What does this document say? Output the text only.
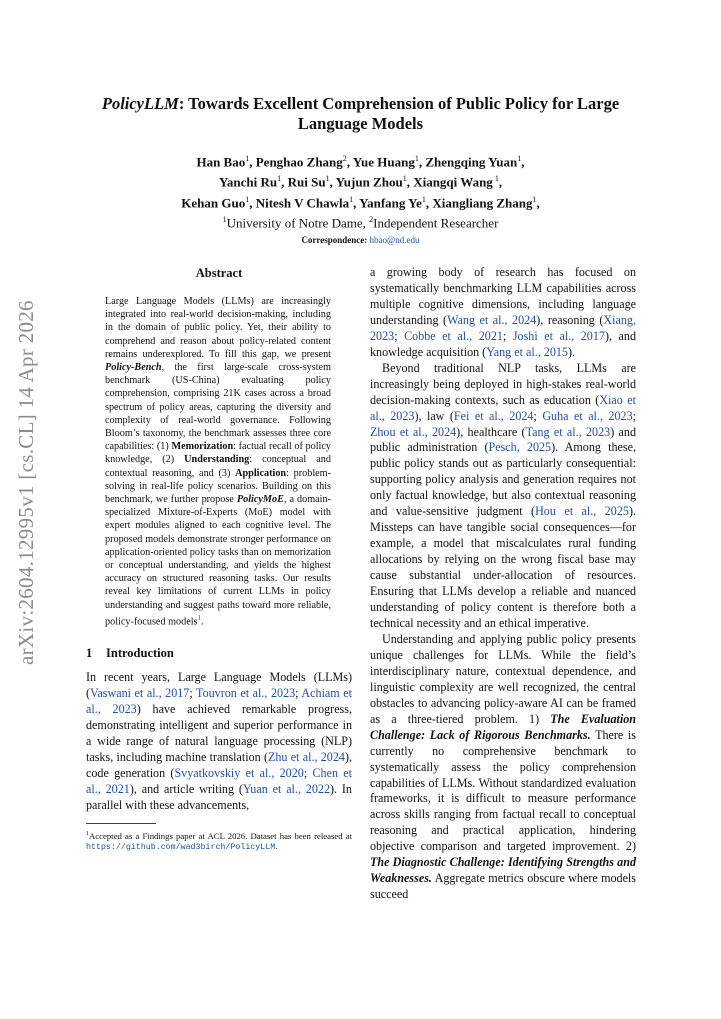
arXiv:2604.12995v1 [cs.CL] 14 Apr 2026
PolicyLLM: Towards Excellent Comprehension of Public Policy for Large
Language Models
Han Bao$^1$, Penghao Zhang$^2$, Yue Huang$^1$, Zhengqing Yuan$^1$,
Yanchi Ru$^1$, Rui Su$^1$, Yujun Zhou$^1$, Xiangqi Wang $^1$,
Kehan Guo$^1$, Nitesh V Chawla$^1$, Yanfang Ye$^1$, Xiangliang Zhang$^1$,
$^1$University of Notre Dame, $^2$Independent Researcher
Correspondence: hbao@nd.edu
Abstract
Large Language Models (LLMs) are increasingly integrated into real-world decision-making, including in the domain of public policy. Yet, their ability to comprehend and reason about policy-related content remains underexplored. To fill this gap, we present Policy-Bench, the first large-scale cross-system benchmark (US-China) evaluating policy comprehension, comprising 21K cases across a broad spectrum of policy areas, capturing the diversity and complexity of real-world governance. Following Bloom’s taxonomy, the benchmark assesses three core capabilities: (1) Memorization: factual recall of policy knowledge, (2) Understanding: conceptual and contextual reasoning, and (3) Application: problem-solving in real-life policy scenarios. Building on this benchmark, we further propose PolicyMoE, a domain-specialized Mixture-of-Experts (MoE) model with expert modules aligned to each cognitive level. The proposed models demonstrate stronger performance on application-oriented policy tasks than on memorization or conceptual understanding, and yields the highest accuracy on structured reasoning tasks. Our results reveal key limitations of current LLMs in policy understanding and suggest paths toward more reliable, policy-focused models$^1$.
1 Introduction

In recent years, Large Language Models (LLMs) (Vaswani et al., 2017; Touvron et al., 2023; Achiam et al., 2023) have achieved remarkable progress, demonstrating intelligent and superior performance in a wide range of natural language processing (NLP) tasks, including machine translation (Zhu et al., 2024), code generation (Svyatkovskiy et al., 2020; Chen et al., 2021), and article writing (Yuan et al., 2022). In parallel with these advancements,

$^1$Accepted as a Findings paper at ACL 2026. Dataset has been released at https://github.com/wad3birch/PolicyLLM.

a growing body of research has focused on systematically benchmarking LLM capabilities across multiple cognitive dimensions, including language understanding (Wang et al., 2024), reasoning (Xiang, 2023; Cobbe et al., 2021; Joshi et al., 2017), and knowledge acquisition (Yang et al., 2015).

Beyond traditional NLP tasks, LLMs are increasingly being deployed in high-stakes real-world decision-making contexts, such as education (Xiao et al., 2023), law (Fei et al., 2024; Guha et al., 2023; Zhou et al., 2024), healthcare (Tang et al., 2023) and public administration (Pesch, 2025). Among these, public policy stands out as particularly consequential: supporting policy analysis and generation requires not only factual knowledge, but also contextual reasoning and value-sensitive judgment (Hou et al., 2025). Missteps can have tangible social consequences—for example, a model that miscalculates rural funding allocations by relying on the wrong fiscal base may cause substantial under-allocation of resources. Ensuring that LLMs develop a reliable and nuanced understanding of policy content is therefore both a technical necessity and an ethical imperative.

Understanding and applying public policy presents unique challenges for LLMs. While the field’s interdisciplinary nature, contextual dependence, and linguistic complexity are well recognized, the central obstacles to advancing policy-aware AI can be framed as a three-tiered problem. 1) The Evaluation Challenge: Lack of Rigorous Benchmarks. There is currently no comprehensive benchmark to systematically assess the policy comprehension capabilities of LLMs. Without standardized evaluation frameworks, it is difficult to measure performance across skills ranging from factual recall to conceptual reasoning and practical application, hindering objective comparison and targeted improvement. 2) The Diagnostic Challenge: Identifying Strengths and Weaknesses. Aggregate metrics obscure where models succeed
